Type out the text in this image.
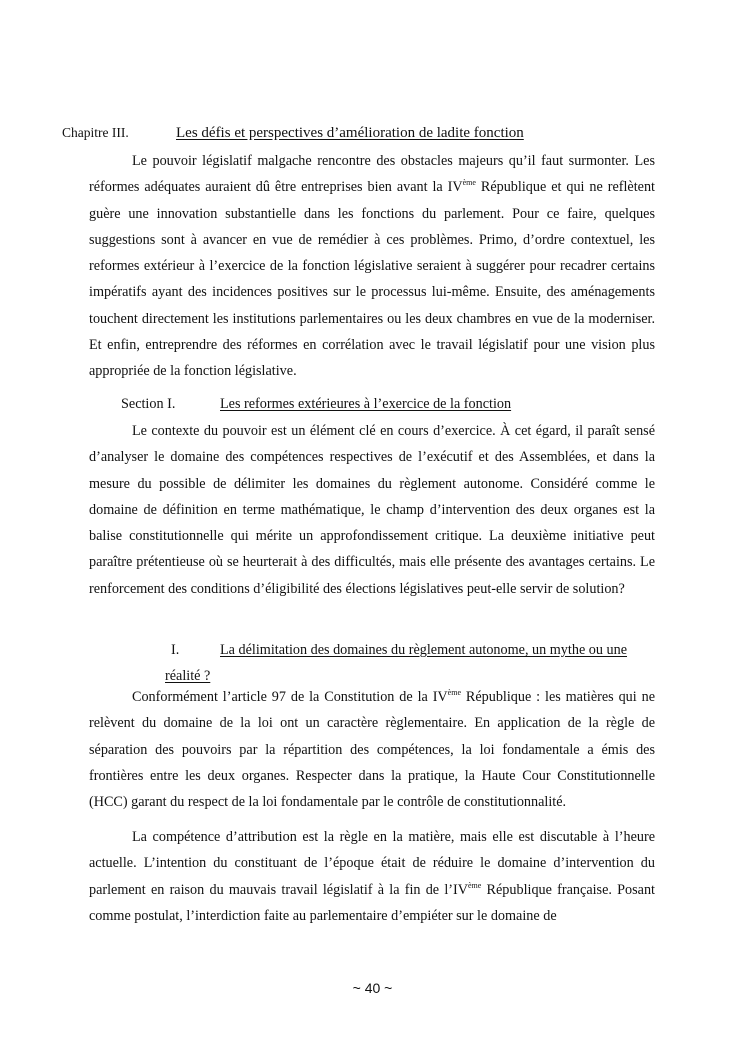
Chapitre III.	Les défis et perspectives d’amélioration de ladite fonction

Le pouvoir législatif malgache rencontre des obstacles majeurs qu’il faut surmonter. Les réformes adéquates auraient dû être entreprises bien avant la IVème République et qui ne reflètent guère une innovation substantielle dans les fonctions du parlement. Pour ce faire, quelques suggestions sont à avancer en vue de remédier à ces problèmes. Primo, d’ordre contextuel, les reformes extérieur à l’exercice de la fonction législative seraient à suggérer pour recadrer certains impératifs ayant des incidences positives sur le processus lui-même. Ensuite, des aménagements touchent directement les institutions parlementaires ou les deux chambres en vue de la moderniser. Et enfin, entreprendre des réformes en corrélation avec le travail législatif pour une vision plus appropriée de la fonction législative.

Section I.	Les reformes extérieures à l’exercice de la fonction

Le contexte du pouvoir est un élément clé en cours d’exercice. À cet égard, il paraît sensé d’analyser le domaine des compétences respectives de l’exécutif et des Assemblées, et dans la mesure du possible de délimiter les domaines du règlement autonome. Considéré comme le domaine de définition en terme mathématique, le champ d’intervention des deux organes est la balise constitutionnelle qui mérite un approfondissement critique. La deuxième initiative peut paraître prétentieuse où se heurterait à des difficultés, mais elle présente des avantages certains. Le renforcement des conditions d’éligibilité des élections législatives peut-elle servir de solution?

I.	La délimitation des domaines du règlement autonome, un mythe ou une
réalité ?

Conformément l’article 97 de la Constitution de la IVème République : les matières qui ne relèvent du domaine de la loi ont un caractère règlementaire. En application de la règle de séparation des pouvoirs par la répartition des compétences, la loi fondamentale a émis des frontières entre les deux organes. Respecter dans la pratique, la Haute Cour Constitutionnelle (HCC) garant du respect de la loi fondamentale par le contrôle de constitutionnalité.

La compétence d’attribution est la règle en la matière, mais elle est discutable à l’heure actuelle. L’intention du constituant de l’époque était de réduire le domaine d’intervention du parlement en raison du mauvais travail législatif à la fin de l’IVème République française. Posant comme postulat, l’interdiction faite au parlementaire d’empiéter sur le domaine de

~ 40 ~
